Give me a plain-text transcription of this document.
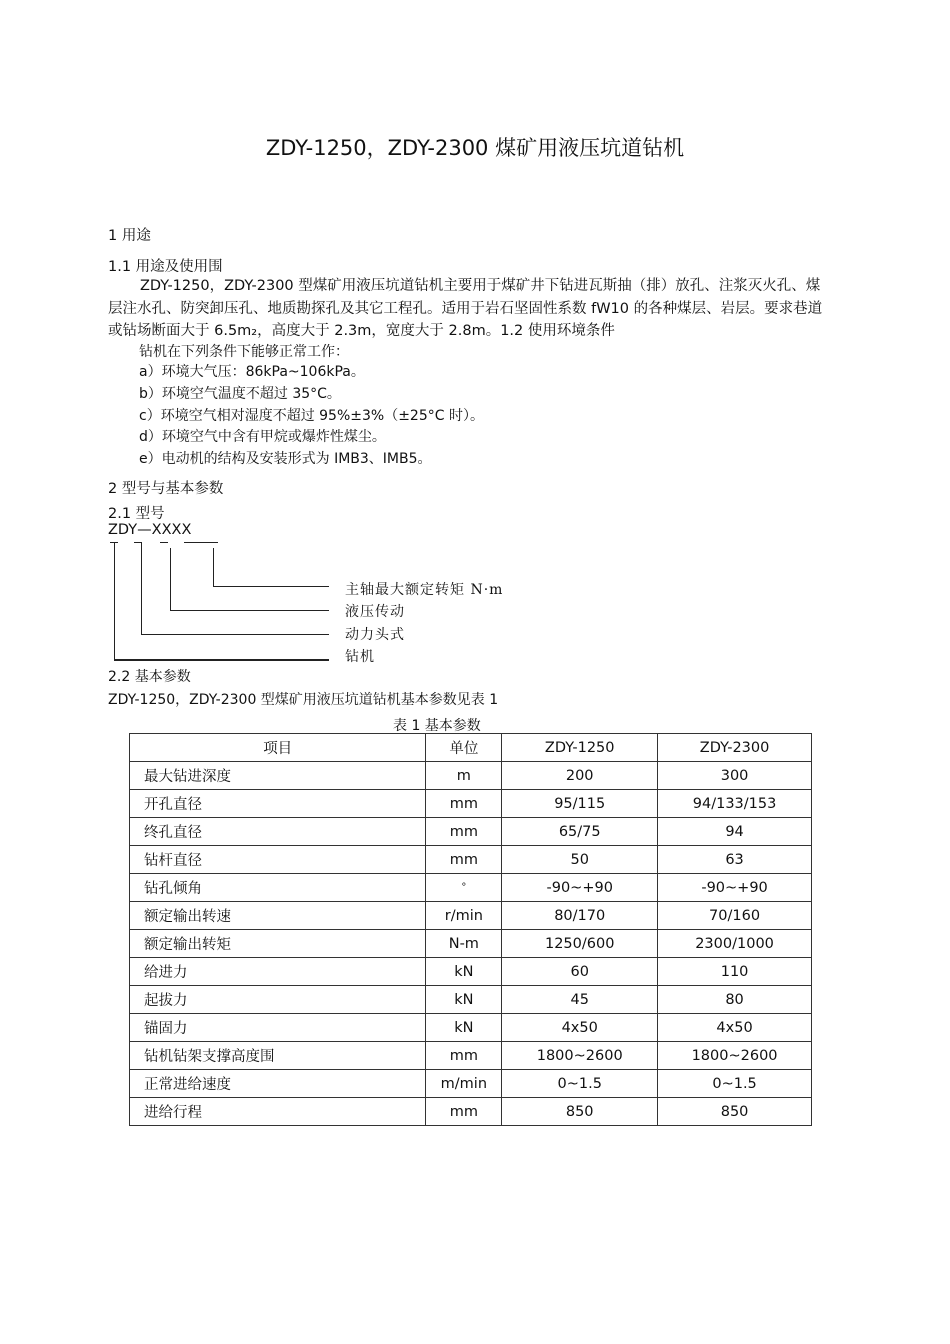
ZDY-1250，ZDY-2300 煤矿用液压坑道钻机
1 用途
1.1 用途及使用围
ZDY-1250，ZDY-2300 型煤矿用液压坑道钻机主要用于煤矿井下钻进瓦斯抽（排）放孔、注浆灭火孔、煤
层注水孔、防突卸压孔、地质勘探孔及其它工程孔。适用于岩石坚固性系数 fW10 的各种煤层、岩层。要求巷道
或钻场断面大于 6.5m₂，高度大于 2.3m，宽度大于 2.8m。1.2 使用环境条件
钻机在下列条件下能够正常工作：
a）环境大气压：86kPa~106kPa。
b）环境空气温度不超过 35°C。
c）环境空气相对湿度不超过 95%±3%（±25°C 时）。
d）环境空气中含有甲烷或爆炸性煤尘。
e）电动机的结构及安装形式为 IMB3、IMB5。
2 型号与基本参数
2.1 型号
ZDY—XXXX
主轴最大额定转矩 N·m
液压传动
动力头式
钻机
2.2 基本参数
ZDY-1250，ZDY-2300 型煤矿用液压坑道钻机基本参数见表 1
表 1 基本参数
项目	单位	ZDY-1250	ZDY-2300
最大钻进深度	m	200	300
开孔直径	mm	95/115	94/133/153
终孔直径	mm	65/75	94
钻杆直径	mm	50	63
钻孔倾角	°	-90~+90	-90~+90
额定输出转速	r/min	80/170	70/160
额定输出转矩	N-m	1250/600	2300/1000
给进力	kN	60	110
起拔力	kN	45	80
锚固力	kN	4x50	4x50
钻机钻架支撑高度围	mm	1800~2600	1800~2600
正常进给速度	m/min	0~1.5	0~1.5
进给行程	mm	850	850
